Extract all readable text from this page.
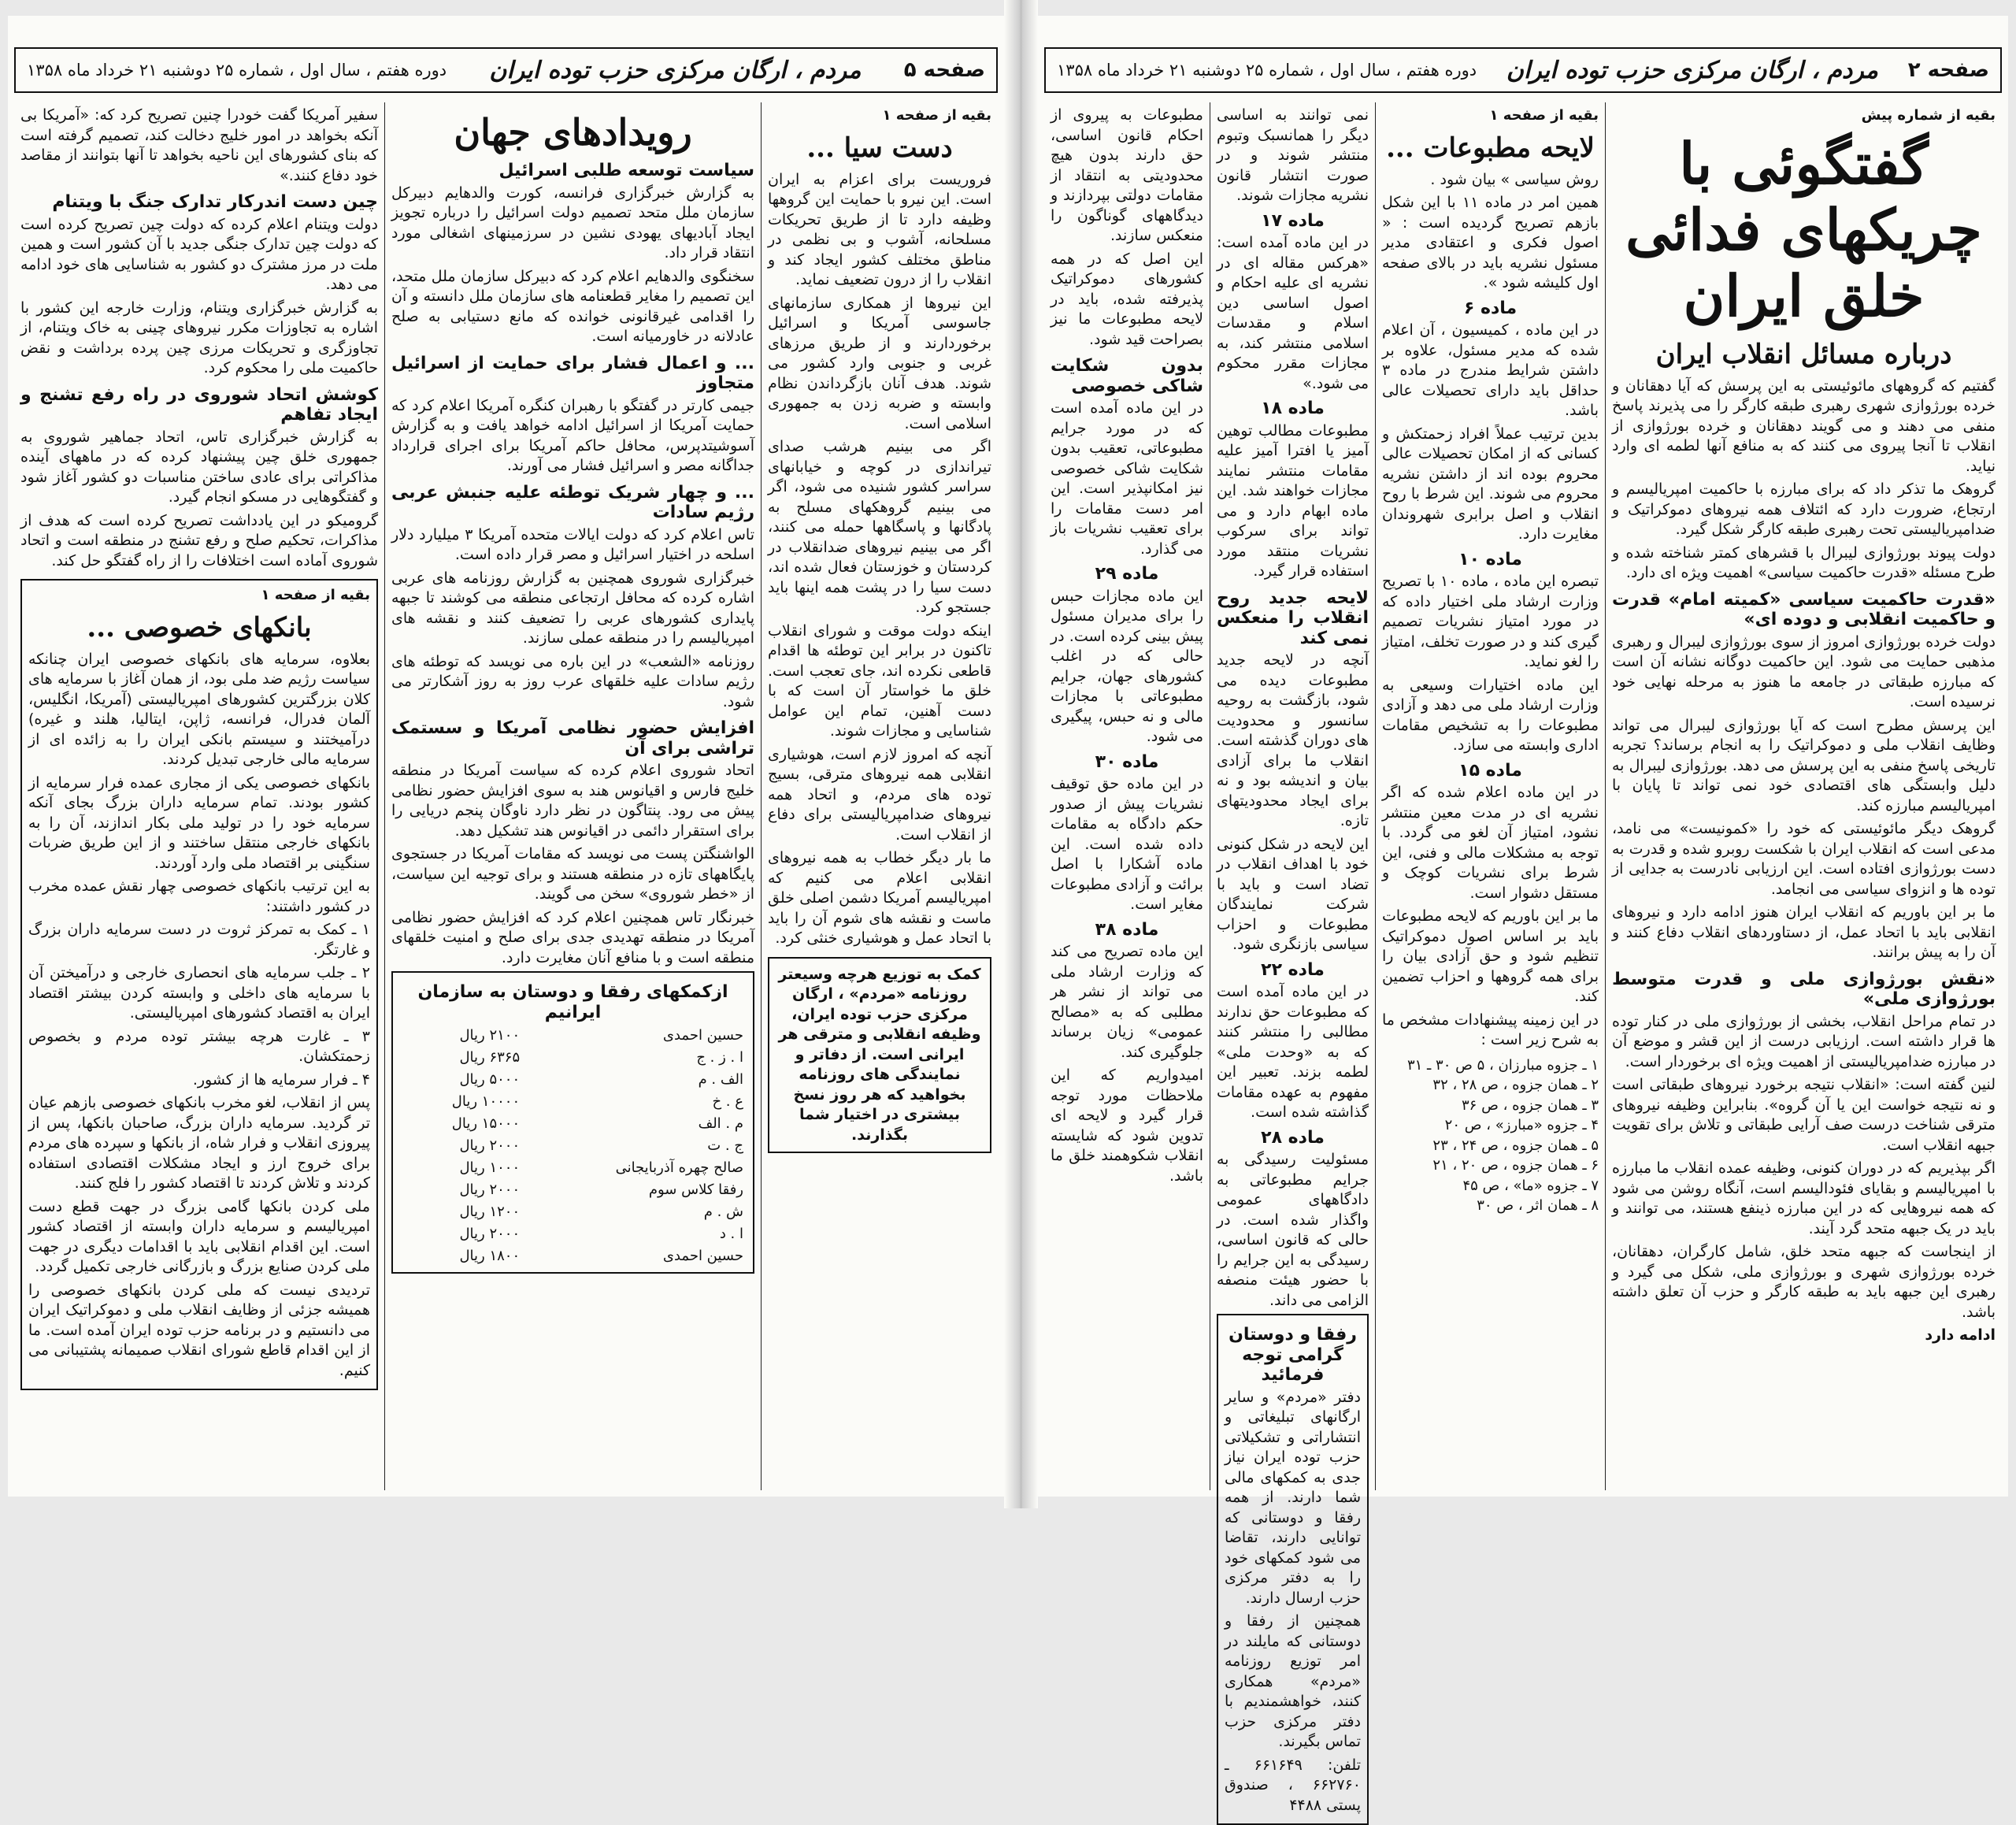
صفحه ۵
مردم ، ارگان مرکزی حزب توده ایران
دوره هفتم ، سال اول ، شماره ۲۵ دوشنبه ۲۱ خرداد ماه ۱۳۵۸
بقیه از صفحه ۱
دست سیا ...

فروریست برای اعزام به ایران است. این نیرو با حمایت این گروهها وظیفه دارد تا از طریق تحریکات مسلحانه، آشوب و بی نظمی در مناطق مختلف کشور ایجاد کند و انقلاب را از درون تضعیف نماید.

این نیروها از همکاری سازمانهای جاسوسی آمریکا و اسرائیل برخوردارند و از طریق مرزهای غربی و جنوبی وارد کشور می شوند. هدف آنان بازگرداندن نظام وابسته و ضربه زدن به جمهوری اسلامی است.

اگر می بینیم هرشب صدای تیراندازی در کوچه و خیابانهای سراسر کشور شنیده می شود، اگر می بینیم گروهکهای مسلح به پادگانها و پاسگاهها حمله می کنند، اگر می بینیم نیروهای ضدانقلاب در کردستان و خوزستان فعال شده اند، دست سیا را در پشت همه اینها باید جستجو کرد.

اینکه دولت موقت و شورای انقلاب تاکنون در برابر این توطئه ها اقدام قاطعی نکرده اند، جای تعجب است. خلق ما خواستار آن است که با دست آهنین، تمام این عوامل شناسایی و مجازات شوند.

آنچه که امروز لازم است، هوشیاری انقلابی همه نیروهای مترقی، بسیج توده های مردم، و اتحاد همه نیروهای ضدامپریالیستی برای دفاع از انقلاب است.

ما بار دیگر خطاب به همه نیروهای انقلابی اعلام می کنیم که امپریالیسم آمریکا دشمن اصلی خلق ماست و نقشه های شوم آن را باید با اتحاد عمل و هوشیاری خنثی کرد.

کمک به توزیع هرچه وسیعتر روزنامه «مردم» ، ارگان مرکزی حزب توده ایران، وظیفه انقلابی و مترقی هر ایرانی است. از دفاتر و نمایندگی های روزنامه بخواهید که هر روز نسخ بیشتری در اختیار شما بگذارند.
رویدادهای جهان
سیاست توسعه طلبی اسرائیل

به گزارش خبرگزاری فرانسه، کورت والدهایم دبیرکل سازمان ملل متحد تصمیم دولت اسرائیل را درباره تجویز ایجاد آبادیهای یهودی نشین در سرزمینهای اشغالی مورد انتقاد قرار داد.

سخنگوی والدهایم اعلام کرد که دبیرکل سازمان ملل متحد، این تصمیم را مغایر قطعنامه های سازمان ملل دانسته و آن را اقدامی غیرقانونی خوانده که مانع دستیابی به صلح عادلانه در خاورمیانه است.

... و اعمال فشار برای حمایت از اسرائیل متجاوز

جیمی کارتر در گفتگو با رهبران کنگره آمریکا اعلام کرد که حمایت آمریکا از اسرائیل ادامه خواهد یافت و به گزارش آسوشیتدپرس، محافل حاکم آمریکا برای اجرای قرارداد جداگانه مصر و اسرائیل فشار می آورند.

... و چهار شریک توطئه علیه جنبش عربی رژیم سادات

تاس اعلام کرد که دولت ایالات متحده آمریکا ۳ میلیارد دلار اسلحه در اختیار اسرائیل و مصر قرار داده است.

خبرگزاری شوروی همچنین به گزارش روزنامه های عربی اشاره کرده که محافل ارتجاعی منطقه می کوشند تا جبهه پایداری کشورهای عربی را تضعیف کنند و نقشه های امپریالیسم را در منطقه عملی سازند.

روزنامه «الشعب» در این باره می نویسد که توطئه های رژیم سادات علیه خلقهای عرب روز به روز آشکارتر می شود.

افزایش حضور نظامی آمریکا و سستمک تراشی برای آن

اتحاد شوروی اعلام کرده که سیاست آمریکا در منطقه خلیج فارس و اقیانوس هند به سوی افزایش حضور نظامی پیش می رود. پنتاگون در نظر دارد ناوگان پنجم دریایی را برای استقرار دائمی در اقیانوس هند تشکیل دهد.

الواشنگتن پست می نویسد که مقامات آمریکا در جستجوی پایگاههای تازه در منطقه هستند و برای توجیه این سیاست، از «خطر شوروی» سخن می گویند.

خبرنگار تاس همچنین اعلام کرد که افزایش حضور نظامی آمریکا در منطقه تهدیدی جدی برای صلح و امنیت خلقهای منطقه است و با منافع آنان مغایرت دارد.

ازکمکهای رفقا و دوستان به سازمان ایرانیم
حسین احمدی	۲۱۰۰ ریال
ا . ز . ج	۶۳۶۵ ریال
الف . م	۵۰۰۰ ریال
ع . خ	۱۰۰۰۰ ریال
م . الف	۱۵۰۰۰ ریال
ج . ت	۲۰۰۰ ریال
صالح چهره آذربایجانی	۱۰۰۰ ریال
رفقا کلاس سوم	۲۰۰۰ ریال
ش . م	۱۲۰۰ ریال
ا . د	۲۰۰۰ ریال
حسین احمدی	۱۸۰۰ ریال

سفیر آمریکا گفت خودرا چنین تصریح کرد که: «آمریکا بی آنکه بخواهد در امور خلیج دخالت کند، تصمیم گرفته است که بنای کشورهای این ناحیه بخواهد تا آنها بتوانند از مقاصد خود دفاع کنند.»

چین دست اندرکار تدارک جنگ با ویتنام

دولت ویتنام اعلام کرده که دولت چین تصریح کرده است که دولت چین تدارک جنگی جدید با آن کشور است و همین ملت در مرز مشترک دو کشور به شناسایی های خود ادامه می دهد.

به گزارش خبرگزاری ویتنام، وزارت خارجه این کشور با اشاره به تجاوزات مکرر نیروهای چینی به خاک ویتنام، از تجاوزگری و تحریکات مرزی چین پرده برداشت و نقض حاکمیت ملی را محکوم کرد.

کوشش اتحاد شوروی در راه رفع تشنج و ایجاد تفاهم

به گزارش خبرگزاری تاس، اتحاد جماهیر شوروی به جمهوری خلق چین پیشنهاد کرده که در ماههای آینده مذاکراتی برای عادی ساختن مناسبات دو کشور آغاز شود و گفتگوهایی در مسکو انجام گیرد.

گرومیکو در این یادداشت تصریح کرده است که هدف از مذاکرات، تحکیم صلح و رفع تشنج در منطقه است و اتحاد شوروی آماده است اختلافات را از راه گفتگو حل کند.

بقیه از صفحه ۱
بانکهای خصوصی ...

بعلاوه، سرمایه های بانکهای خصوصی ایران چنانکه سیاست رژیم ضد ملی بود، از همان آغاز با سرمایه های کلان بزرگترین کشورهای امپریالیستی (آمریکا، انگلیس، آلمان فدرال، فرانسه، ژاپن، ایتالیا، هلند و غیره) درآمیختند و سیستم بانکی ایران را به زائده ای از سرمایه مالی خارجی تبدیل کردند.

بانکهای خصوصی یکی از مجاری عمده فرار سرمایه از کشور بودند. تمام سرمایه داران بزرگ بجای آنکه سرمایه خود را در تولید ملی بکار اندازند، آن را به بانکهای خارجی منتقل ساختند و از این طریق ضربات سنگینی بر اقتصاد ملی وارد آوردند.

به این ترتیب بانکهای خصوصی چهار نقش عمده مخرب در کشور داشتند:

۱ ـ کمک به تمرکز ثروت در دست سرمایه داران بزرگ و غارتگر.

۲ ـ جلب سرمایه های انحصاری خارجی و درآمیختن آن با سرمایه های داخلی و وابسته کردن بیشتر اقتصاد ایران به اقتصاد کشورهای امپریالیستی.

۳ ـ غارت هرچه بیشتر توده مردم و بخصوص زحمتکشان.

۴ ـ فرار سرمایه ها از کشور.

پس از انقلاب، لغو مخرب بانکهای خصوصی بازهم عیان تر گردید. سرمایه داران بزرگ، صاحبان بانکها، پس از پیروزی انقلاب و فرار شاه، از بانکها و سپرده های مردم برای خروج ارز و ایجاد مشکلات اقتصادی استفاده کردند و تلاش کردند تا اقتصاد کشور را فلج کنند.

ملی کردن بانکها گامی بزرگ در جهت قطع دست امپریالیسم و سرمایه داران وابسته از اقتصاد کشور است. این اقدام انقلابی باید با اقدامات دیگری در جهت ملی کردن صنایع بزرگ و بازرگانی خارجی تکمیل گردد.

تردیدی نیست که ملی کردن بانکهای خصوصی را همیشه جزئی از وظایف انقلاب ملی و دموکراتیک ایران می دانستیم و در برنامه حزب توده ایران آمده است. ما از این اقدام قاطع شورای انقلاب صمیمانه پشتیبانی می کنیم.

صفحه ۲
مردم ، ارگان مرکزی حزب توده ایران
دوره هفتم ، سال اول ، شماره ۲۵ دوشنبه ۲۱ خرداد ماه ۱۳۵۸
بقیه از شماره پیش
گفتگوئی با چریکهای فدائی خلق ایران
درباره مسائل انقلاب ایران

گفتیم که گروههای مائوئیستی به این پرسش که آیا دهقانان و خرده بورژوازی شهری رهبری طبقه کارگر را می پذیرند پاسخ منفی می دهند و می گویند دهقانان و خرده بورژوازی از انقلاب تا آنجا پیروی می کنند که به منافع آنها لطمه ای وارد نیاید.

گروهک ما تذکر داد که برای مبارزه با حاکمیت امپریالیسم و ارتجاع، ضرورت دارد که ائتلاف همه نیروهای دموکراتیک و ضدامپریالیستی تحت رهبری طبقه کارگر شکل گیرد.

دولت پیوند بورژوازی لیبرال با قشرهای کمتر شناخته شده و طرح مسئله «قدرت حاکمیت سیاسی» اهمیت ویژه ای دارد.

«قدرت حاکمیت سیاسی «کمیته امام» قدرت و حاکمیت انقلابی و دوده ای»

دولت خرده بورژوازی امروز از سوی بورژوازی لیبرال و رهبری مذهبی حمایت می شود. این حاکمیت دوگانه نشانه آن است که مبارزه طبقاتی در جامعه ما هنوز به مرحله نهایی خود نرسیده است.

این پرسش مطرح است که آیا بورژوازی لیبرال می تواند وظایف انقلاب ملی و دموکراتیک را به انجام برساند؟ تجربه تاریخی پاسخ منفی به این پرسش می دهد. بورژوازی لیبرال به دلیل وابستگی های اقتصادی خود نمی تواند تا پایان با امپریالیسم مبارزه کند.

گروهک دیگر مائوئیستی که خود را «کمونیست» می نامد، مدعی است که انقلاب ایران با شکست روبرو شده و قدرت به دست بورژوازی افتاده است. این ارزیابی نادرست به جدایی از توده ها و انزوای سیاسی می انجامد.

ما بر این باوریم که انقلاب ایران هنوز ادامه دارد و نیروهای انقلابی باید با اتحاد عمل، از دستاوردهای انقلاب دفاع کنند و آن را به پیش برانند.

«نقش بورژوازی ملی و قدرت متوسط بورژوازی ملی»

در تمام مراحل انقلاب، بخشی از بورژوازی ملی در کنار توده ها قرار داشته است. ارزیابی درست از این قشر و موضع آن در مبارزه ضدامپریالیستی از اهمیت ویژه ای برخوردار است.

لنین گفته است: «انقلاب نتیجه برخورد نیروهای طبقاتی است و نه نتیجه خواست این یا آن گروه». بنابراین وظیفه نیروهای مترقی شناخت درست صف آرایی طبقاتی و تلاش برای تقویت جبهه انقلاب است.

اگر بپذیریم که در دوران کنونی، وظیفه عمده انقلاب ما مبارزه با امپریالیسم و بقایای فئودالیسم است، آنگاه روشن می شود که همه نیروهایی که در این مبارزه ذینفع هستند، می توانند و باید در یک جبهه متحد گرد آیند.

از اینجاست که جبهه متحد خلق، شامل کارگران، دهقانان، خرده بورژوازی شهری و بورژوازی ملی، شکل می گیرد و رهبری این جبهه باید به طبقه کارگر و حزب آن تعلق داشته باشد.

ادامه دارد

بقیه از صفحه ۱
لایحه مطبوعات ...

روش سیاسی » بیان شود .

همین امر در ماده ۱۱ با این شکل بازهم تصریح گردیده است : « اصول فکری و اعتقادی مدیر مسئول نشریه باید در بالای صفحه اول کلیشه شود ».

ماده ۶

در این ماده ، کمیسیون ، آن اعلام شده که مدیر مسئول، علاوه بر داشتن شرایط مندرج در ماده ۳ حداقل باید دارای تحصیلات عالی باشد.

بدین ترتیب عملاً افراد زحمتکش و کسانی که از امکان تحصیلات عالی محروم بوده اند از داشتن نشریه محروم می شوند. این شرط با روح انقلاب و اصل برابری شهروندان مغایرت دارد.

ماده ۱۰

تبصره این ماده ، ماده ۱۰ با تصریح وزارت ارشاد ملی اختیار داده که در مورد امتیاز نشریات تصمیم گیری کند و در صورت تخلف، امتیاز را لغو نماید.

این ماده اختیارات وسیعی به وزارت ارشاد ملی می دهد و آزادی مطبوعات را به تشخیص مقامات اداری وابسته می سازد.

ماده ۱۵

در این ماده اعلام شده که اگر نشریه ای در مدت معین منتشر نشود، امتیاز آن لغو می گردد. با توجه به مشکلات مالی و فنی، این شرط برای نشریات کوچک و مستقل دشوار است.

ما بر این باوریم که لایحه مطبوعات باید بر اساس اصول دموکراتیک تنظیم شود و حق آزادی بیان را برای همه گروهها و احزاب تضمین کند.

در این زمینه پیشنهادات مشخص ما به شرح زیر است :

۱ ـ جزوه مبارزان ، ۵ ص ۳۰ ـ ۳۱
۲ ـ همان جزوه ، ص ۲۸ ، ۳۲
۳ ـ همان جزوه ، ص ۳۶
۴ ـ جزوه «مبارز» ، ص ۲۰
۵ ـ همان جزوه ، ص ۲۴ ، ۲۳
۶ ـ همان جزوه ، ص ۲۰ ، ۲۱
۷ ـ جزوه «ما» ، ص ۴۵
۸ ـ همان اثر ، ص ۳۰

نمی توانند به اساسی دیگر را همانسبک وتبوم منتشر شوند و در صورت انتشار قانون نشریه مجازات شوند.

ماده ۱۷

در این ماده آمده است: «هرکس مقاله ای در نشریه ای علیه احکام و اصول اساسی دین اسلام و مقدسات اسلامی منتشر کند، به مجازات مقرر محکوم می شود.»

ماده ۱۸

مطبوعات مطالب توهین آمیز یا افترا آمیز علیه مقامات منتشر نمایند مجازات خواهند شد. این ماده ابهام دارد و می تواند برای سرکوب نشریات منتقد مورد استفاده قرار گیرد.

لایحه جدید روح انقلاب را منعکس نمی کند

آنچه در لایحه جدید مطبوعات دیده می شود، بازگشت به روحیه سانسور و محدودیت های دوران گذشته است. انقلاب ما برای آزادی بیان و اندیشه بود و نه برای ایجاد محدودیتهای تازه.

این لایحه در شکل کنونی خود با اهداف انقلاب در تضاد است و باید با شرکت نمایندگان مطبوعات و احزاب سیاسی بازنگری شود.

ماده ۲۲

در این ماده آمده است که مطبوعات حق ندارند مطالبی را منتشر کنند که به «وحدت ملی» لطمه بزند. تعبیر این مفهوم به عهده مقامات گذاشته شده است.

ماده ۲۸

مسئولیت رسیدگی به جرایم مطبوعاتی به دادگاههای عمومی واگذار شده است. در حالی که قانون اساسی، رسیدگی به این جرایم را با حضور هیئت منصفه الزامی می داند.

رفقا و دوستان گرامی توجه فرمائید

دفتر «مردم» و سایر ارگانهای تبلیغاتی و انتشاراتی و تشکیلاتی حزب توده ایران نیاز جدی به کمکهای مالی شما دارند. از همه رفقا و دوستانی که توانایی دارند، تقاضا می شود کمکهای خود را به دفتر مرکزی حزب ارسال دارند.

همچنین از رفقا و دوستانی که مایلند در امر توزیع روزنامه «مردم» همکاری کنند، خواهشمندیم با دفتر مرکزی حزب تماس بگیرند.

تلفن: ۶۶۱۶۴۹ ـ ۶۶۲۷۶۰ ، صندوق پستی ۴۴۸۸

مطبوعات به پیروی از احکام قانون اساسی، حق دارند بدون هیچ محدودیتی به انتقاد از مقامات دولتی بپردازند و دیدگاههای گوناگون را منعکس سازند.

این اصل که در همه کشورهای دموکراتیک پذیرفته شده، باید در لایحه مطبوعات ما نیز بصراحت قید شود.

بدون شکایت شاکی خصوصی

در این ماده آمده است که در مورد جرایم مطبوعاتی، تعقیب بدون شکایت شاکی خصوصی نیز امکانپذیر است. این امر دست مقامات را برای تعقیب نشریات باز می گذارد.

ماده ۲۹

این ماده مجازات حبس را برای مدیران مسئول پیش بینی کرده است. در حالی که در اغلب کشورهای جهان، جرایم مطبوعاتی با مجازات مالی و نه حبس، پیگیری می شود.

ماده ۳۰

در این ماده حق توقیف نشریات پیش از صدور حکم دادگاه به مقامات داده شده است. این ماده آشکارا با اصل برائت و آزادی مطبوعات مغایر است.

ماده ۳۸

این ماده تصریح می کند که وزارت ارشاد ملی می تواند از نشر هر مطلبی که به «مصالح عمومی» زیان برساند جلوگیری کند.

امیدواریم که این ملاحظات مورد توجه قرار گیرد و لایحه ای تدوین شود که شایسته انقلاب شکوهمند خلق ما باشد.
